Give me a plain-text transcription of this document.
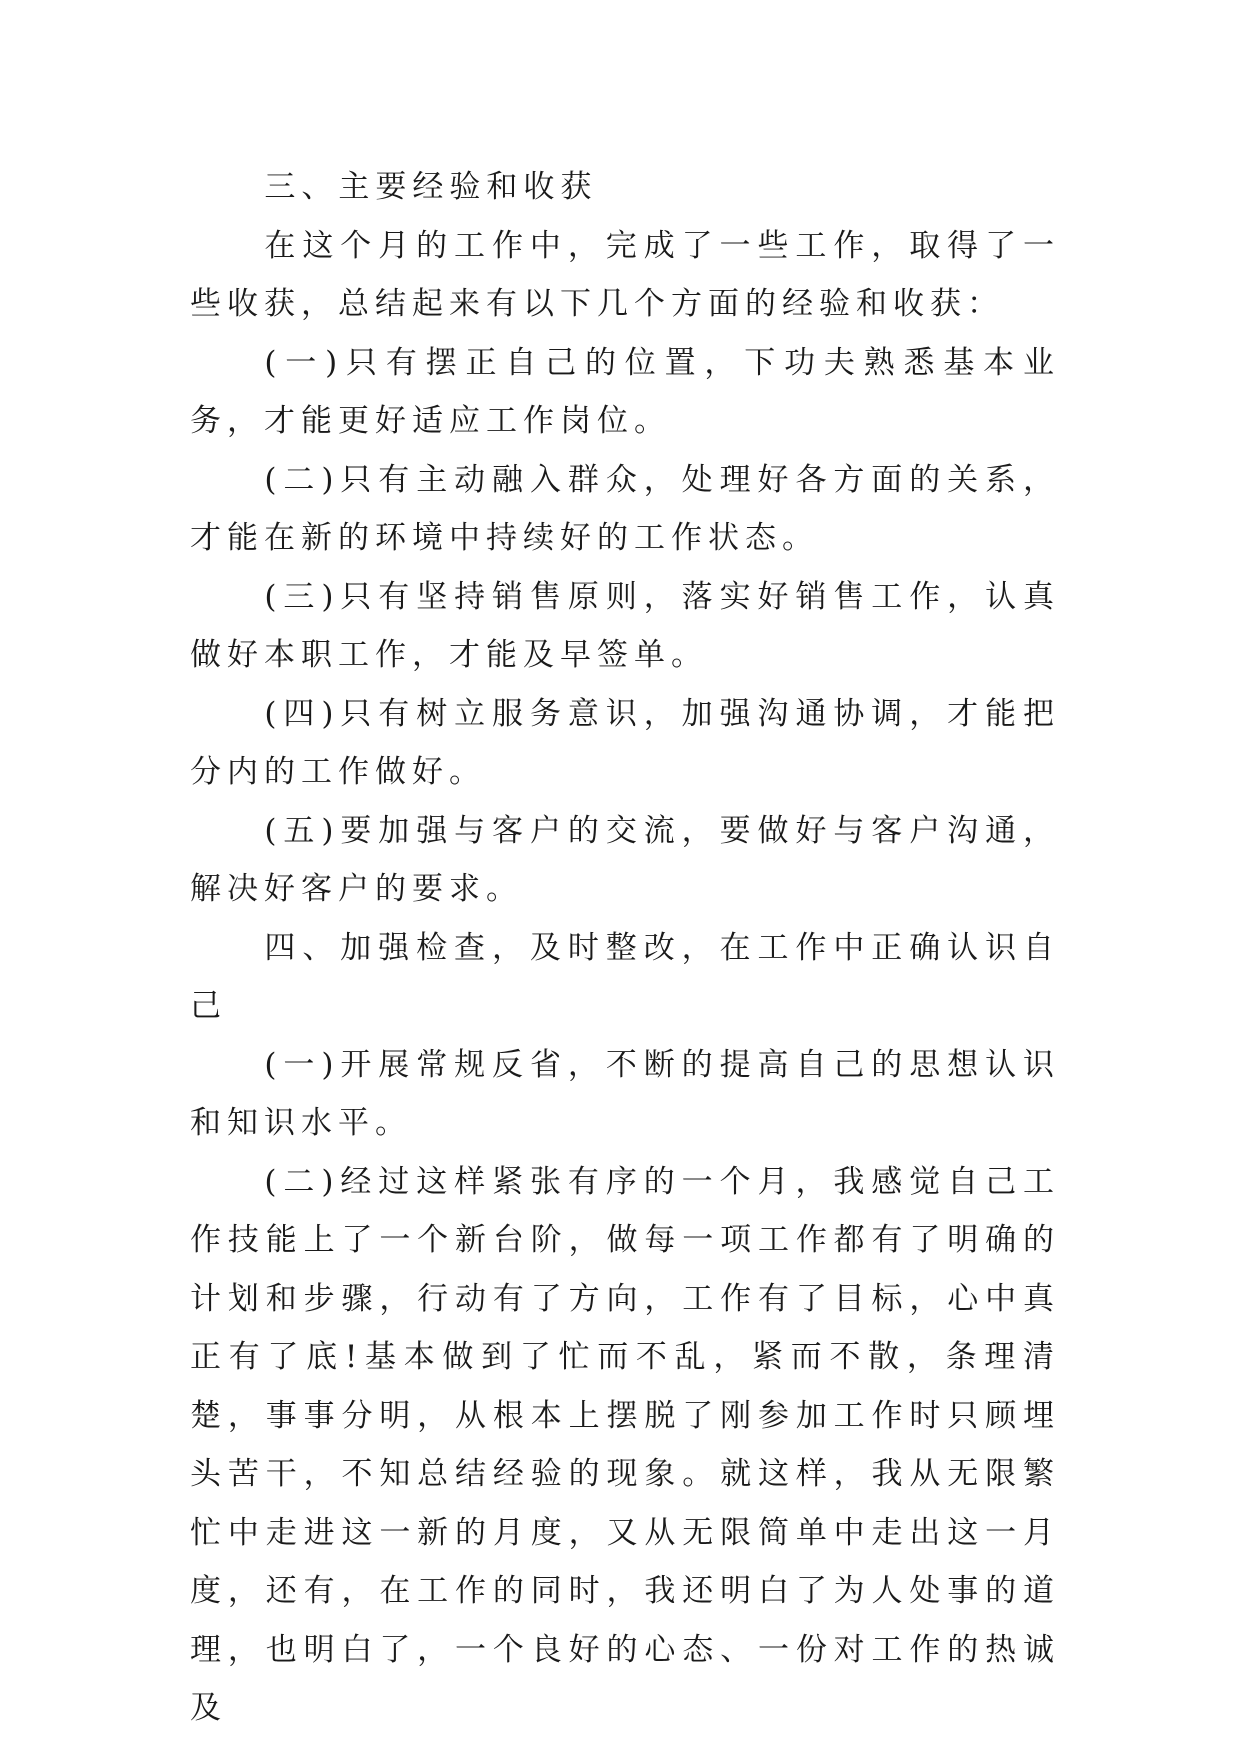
三、主要经验和收获

在这个月的工作中，完成了一些工作，取得了一些收获，总结起来有以下几个方面的经验和收获：

(一)只有摆正自己的位置，下功夫熟悉基本业务，才能更好适应工作岗位。

(二)只有主动融入群众，处理好各方面的关系，才能在新的环境中持续好的工作状态。

(三)只有坚持销售原则，落实好销售工作，认真做好本职工作，才能及早签单。

(四)只有树立服务意识，加强沟通协调，才能把分内的工作做好。

(五)要加强与客户的交流，要做好与客户沟通，解决好客户的要求。

四、加强检查，及时整改，在工作中正确认识自己

(一)开展常规反省，不断的提高自己的思想认识和知识水平。

(二)经过这样紧张有序的一个月，我感觉自己工作技能上了一个新台阶，做每一项工作都有了明确的计划和步骤，行动有了方向，工作有了目标，心中真正有了底!基本做到了忙而不乱，紧而不散，条理清楚，事事分明，从根本上摆脱了刚参加工作时只顾埋头苦干，不知总结经验的现象。就这样，我从无限繁忙中走进这一新的月度，又从无限简单中走出这一月度，还有，在工作的同时，我还明白了为人处事的道理，也明白了，一个良好的心态、一份对工作的热诚及
